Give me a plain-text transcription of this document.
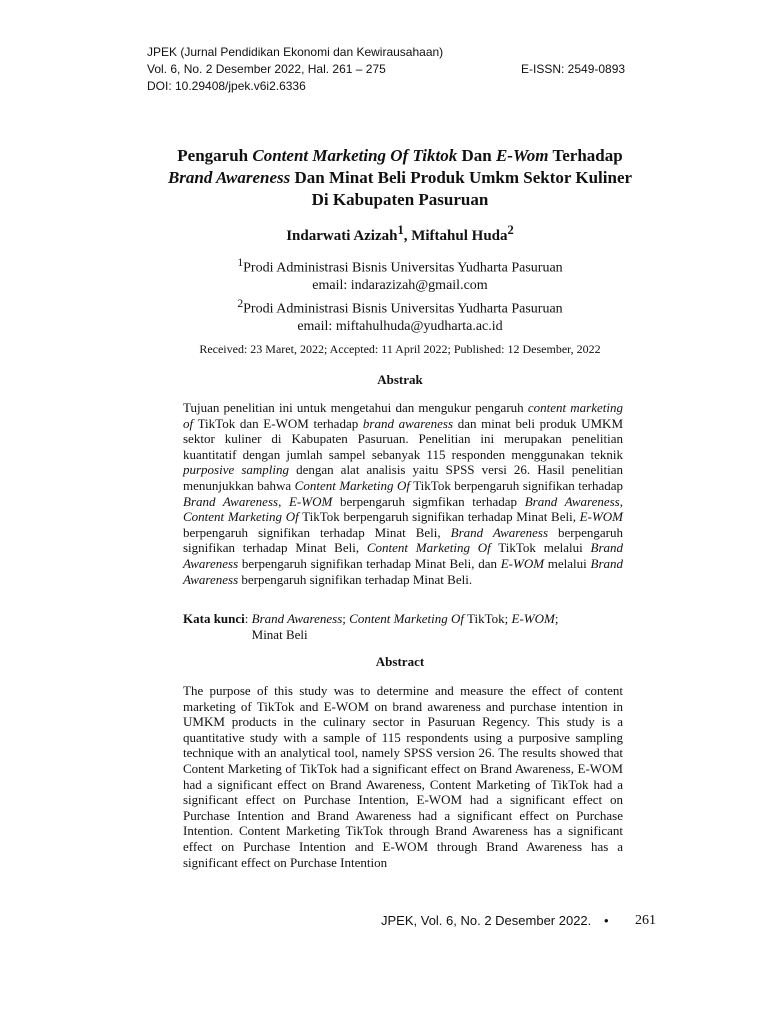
JPEK (Jurnal Pendidikan Ekonomi dan Kewirausahaan)
Vol. 6, No. 2 Desember 2022, Hal. 261 – 275	E-ISSN: 2549-0893
DOI: 10.29408/jpek.v6i2.6336
Pengaruh Content Marketing Of Tiktok Dan E-Wom Terhadap
Brand Awareness Dan Minat Beli Produk Umkm Sektor Kuliner
Di Kabupaten Pasuruan
Indarwati Azizah$^1$, Miftahul Huda$^2$
$^1$Prodi Administrasi Bisnis Universitas Yudharta Pasuruan
email: indarazizah@gmail.com
$^2$Prodi Administrasi Bisnis Universitas Yudharta Pasuruan
email: miftahulhuda@yudharta.ac.id
Received: 23 Maret, 2022; Accepted: 11 April 2022; Published: 12 Desember, 2022
Abstrak

Tujuan penelitian ini untuk mengetahui dan mengukur pengaruh content marketing of TikTok dan E-WOM terhadap brand awareness dan minat beli produk UMKM sektor kuliner di Kabupaten Pasuruan. Penelitian ini merupakan penelitian kuantitatif dengan jumlah sampel sebanyak 115 responden menggunakan teknik purposive sampling dengan alat analisis yaitu SPSS versi 26. Hasil penelitian menunjukkan bahwa Content Marketing Of TikTok berpengaruh signifikan terhadap Brand Awareness, E-WOM berpengaruh sigmfikan terhadap Brand Awareness, Content Marketing Of TikTok berpengaruh signifikan terhadap Minat Beli, E-WOM berpengaruh signifikan terhadap Minat Beli, Brand Awareness berpengaruh signifikan terhadap Minat Beli, Content Marketing Of TikTok melalui Brand Awareness berpengaruh signifikan terhadap Minat Beli, dan E-WOM melalui Brand Awareness berpengaruh signifikan terhadap Minat Beli.

Kata kunci : Brand Awareness; Content Marketing Of TikTok; E-WOM;
Minat Beli
Abstract

The purpose of this study was to determine and measure the effect of content marketing of TikTok and E-WOM on brand awareness and purchase intention in UMKM products in the culinary sector in Pasuruan Regency. This study is a quantitative study with a sample of 115 respondents using a purposive sampling technique with an analytical tool, namely SPSS version 26. The results showed that Content Marketing of TikTok had a significant effect on Brand Awareness, E-WOM had a significant effect on Brand Awareness, Content Marketing of TikTok had a significant effect on Purchase Intention, E-WOM had a significant effect on Purchase Intention and Brand Awareness had a significant effect on Purchase Intention. Content Marketing TikTok through Brand Awareness has a significant effect on Purchase Intention and E-WOM through Brand Awareness has a significant effect on Purchase Intention

JPEK, Vol. 6, No. 2 Desember 2022. • 261
